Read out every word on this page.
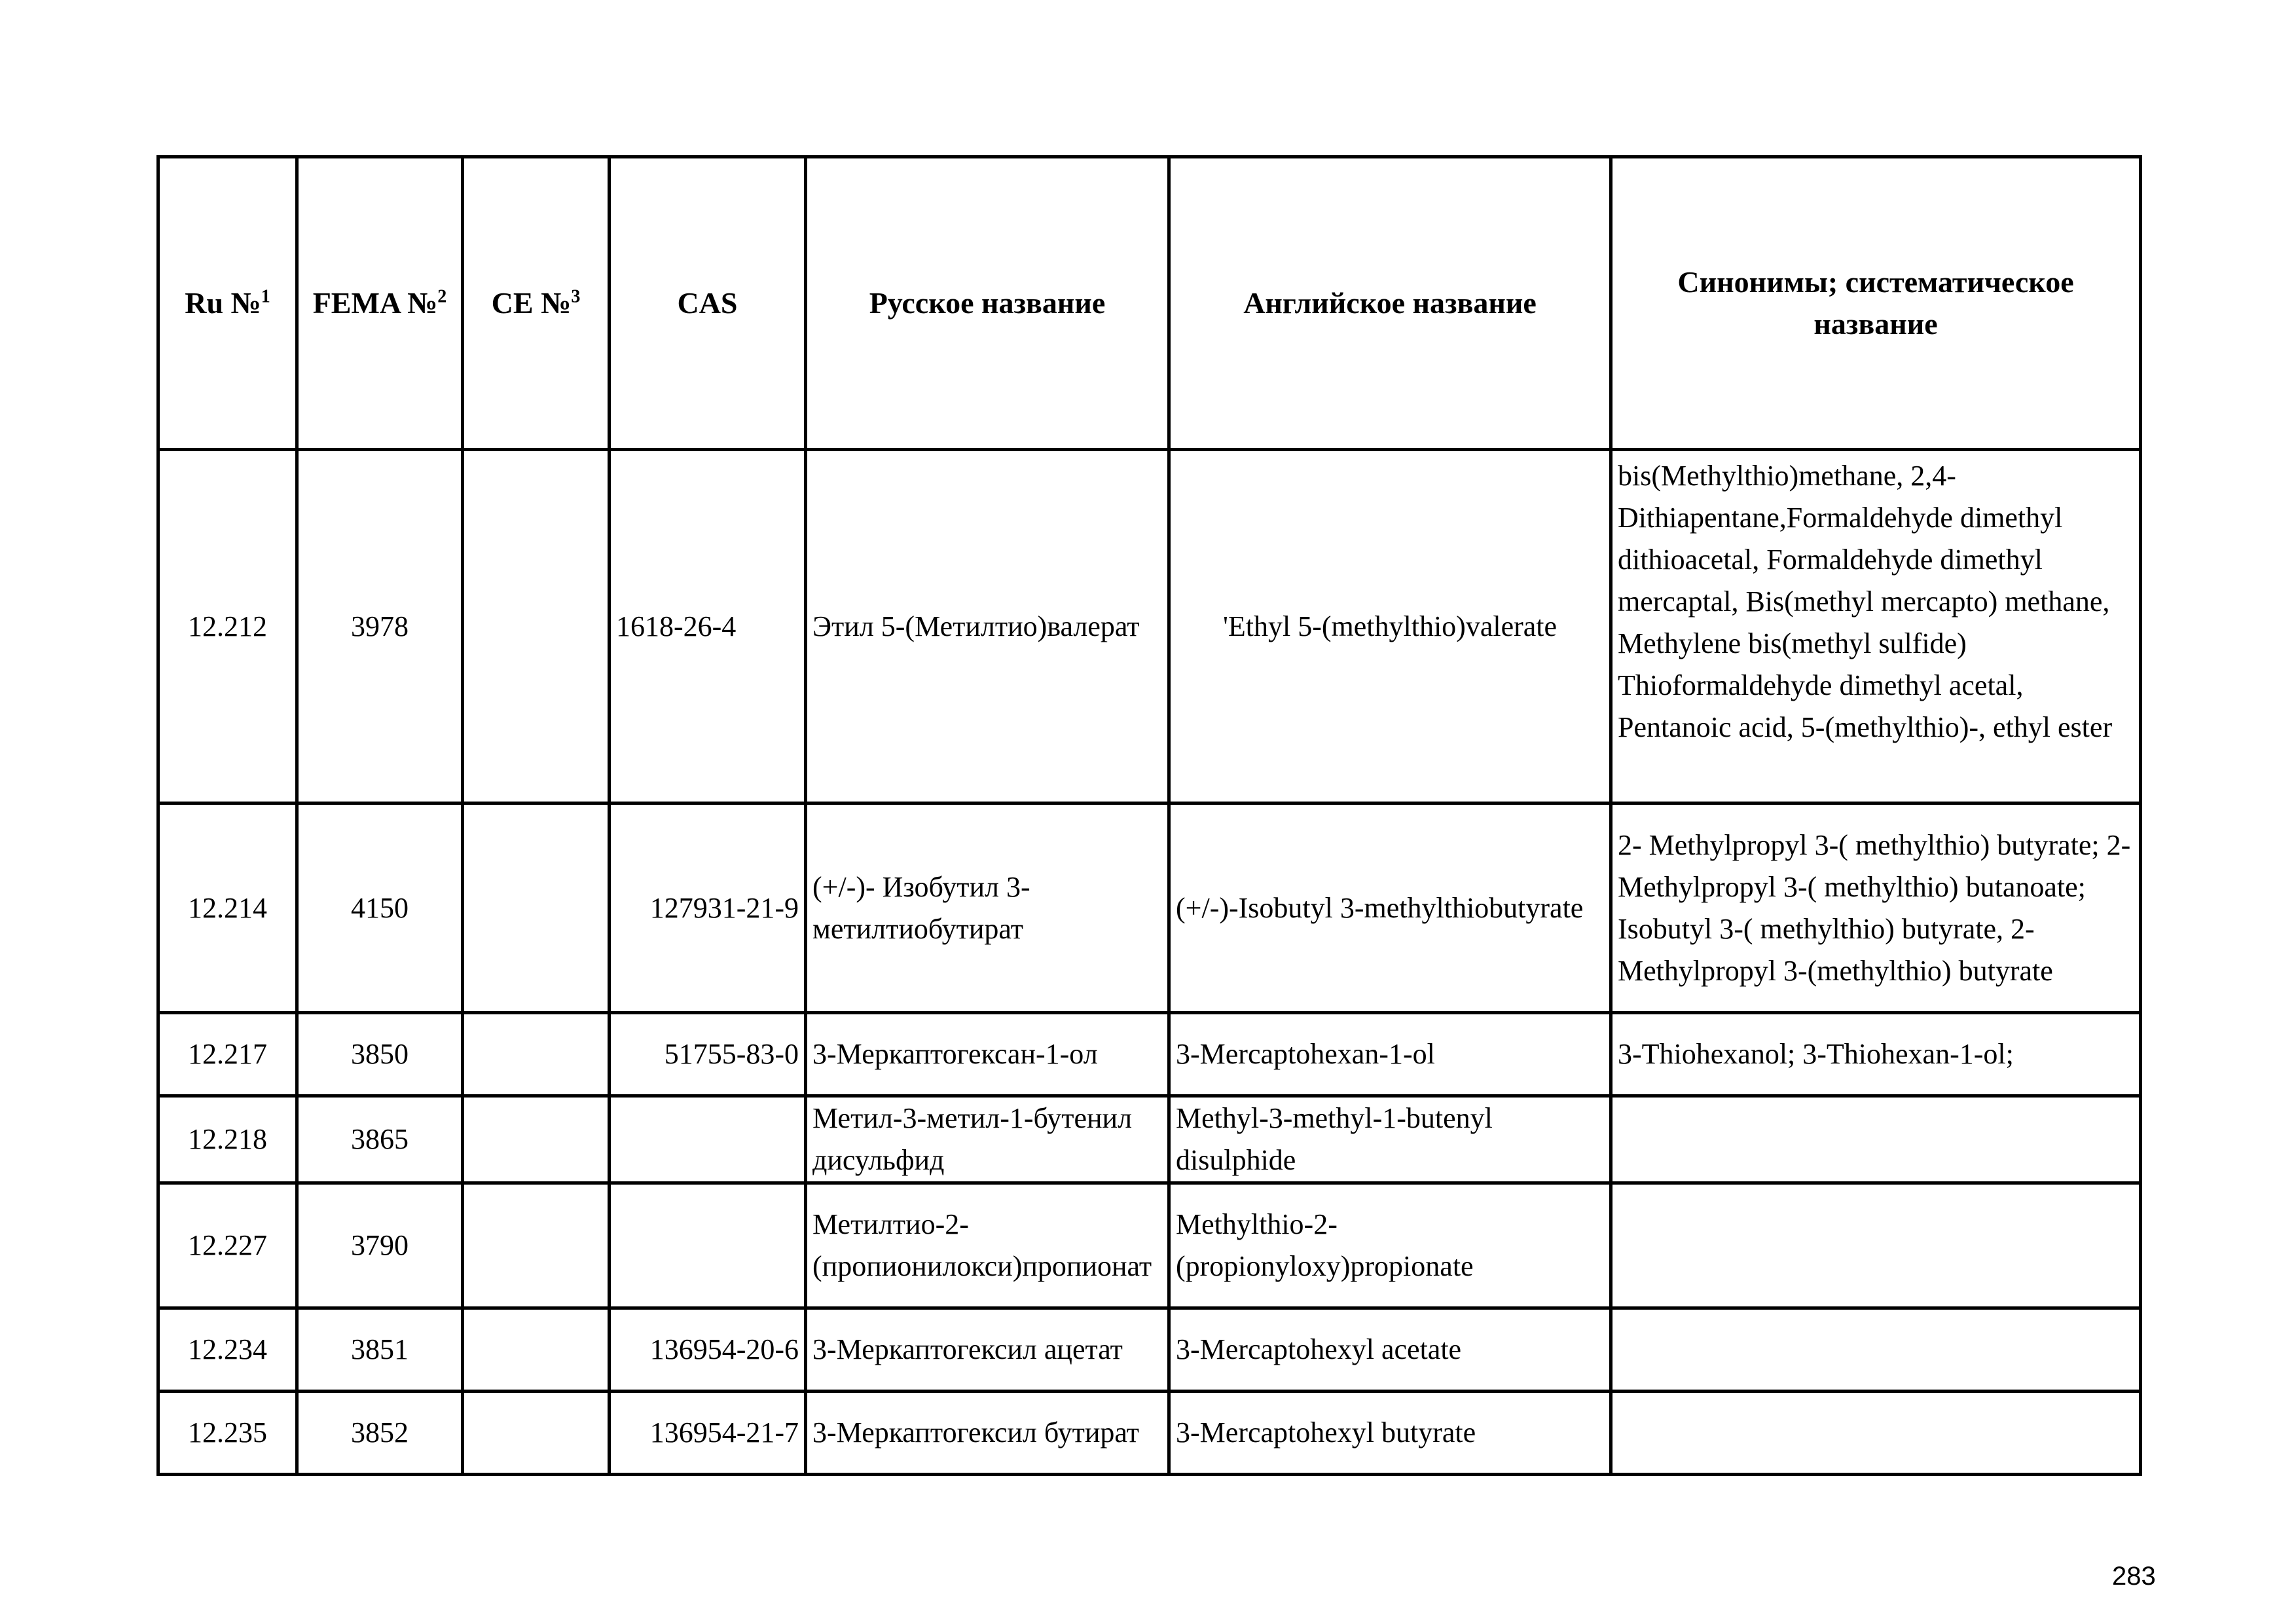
Ru №$^1$	FEMA №$^2$	CE №$^3$	CAS	Русское название	Английское название	Синонимы; систематическое название
12.212	3978		1618-26-4	Этил 5-(Метилтио)валерат	'Ethyl 5-(methylthio)valerate	bis(Methylthio)methane, 2,4-Dithiapentane,Formaldehyde dimethyl dithioacetal, Formaldehyde dimethyl mercaptal, Bis(methyl mercapto) methane, Methylene bis(methyl sulfide)
Thioformaldehyde dimethyl acetal, Pentanoic acid, 5-(methylthio)-, ethyl ester

12.214	4150		127931-21-9	(+/-)- Изобутил 3-метилтиобутират	(+/-)-Isobutyl 3-methylthiobutyrate	2- Methylpropyl 3-( methylthio) butyrate; 2- Methylpropyl 3-( methylthio) butanoate; Isobutyl 3-( methylthio) butyrate, 2-Methylpropyl 3-(methylthio) butyrate
12.217	3850		51755-83-0	3-Меркаптогексан-1-ол	3-Mercaptohexan-1-ol	3-Thiohexanol; 3-Thiohexan-1-ol;
12.218	3865			Метил-3-метил-1-бутенил дисульфид	Methyl-3-methyl-1-butenyl disulphide	
12.227	3790			Метилтио-2-(пропионилокси)пропионат	Methylthio-2-(propionyloxy)propionate	
12.234	3851		136954-20-6	3-Меркаптогексил ацетат	3-Mercaptohexyl acetate	
12.235	3852		136954-21-7	3-Меркаптогексил бутират	3-Mercaptohexyl butyrate	
283
